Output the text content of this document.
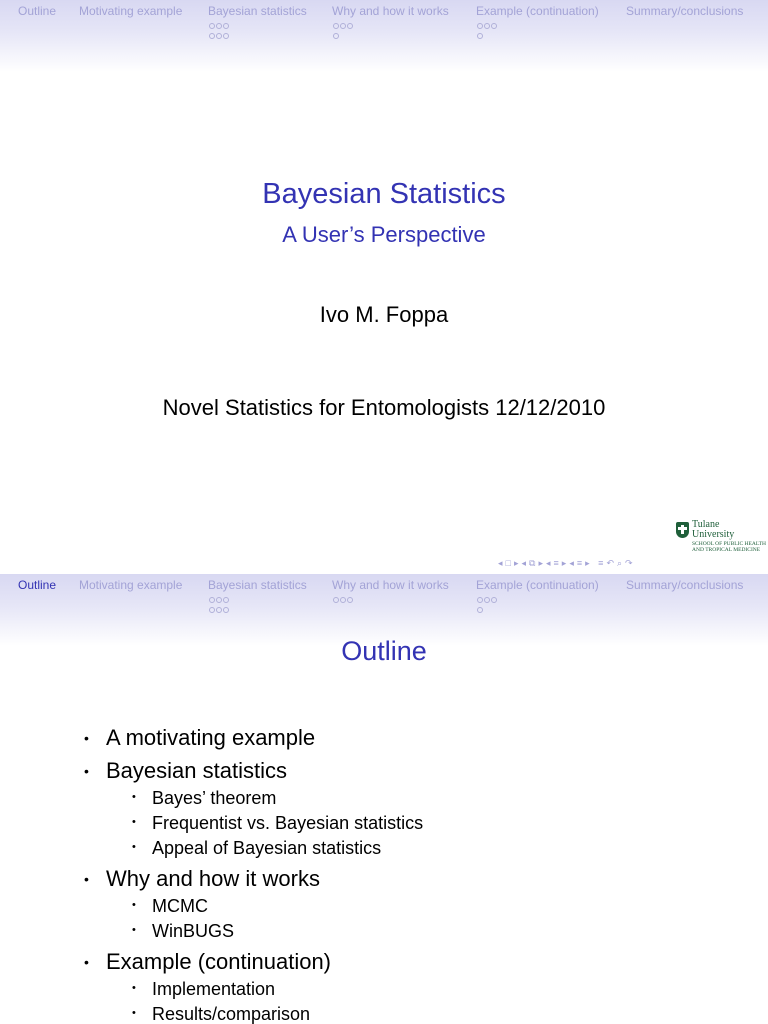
Outline Motivating example Bayesian statistics Why and how it works Example (continuation) Summary/conclusions
Bayesian Statistics
A User’s Perspective
Ivo M. Foppa
Novel Statistics for Entomologists 12/12/2010
Tulane
University
SCHOOL OF PUBLIC HEALTH
AND TROPICAL MEDICINE
◂ □ ▸ ◂ ⧉ ▸ ◂ ≡ ▸ ◂ ≡ ▸
≡ ↶ ⌕ ↷
Outline Motivating example Bayesian statistics Why and how it works Example (continuation) Summary/conclusions
Outline
• A motivating example
• Bayesian statistics
• Bayes’ theorem
• Frequentist vs. Bayesian statistics
• Appeal of Bayesian statistics
• Why and how it works
• MCMC
• WinBUGS
• Example (continuation)
• Implementation
• Results/comparison
